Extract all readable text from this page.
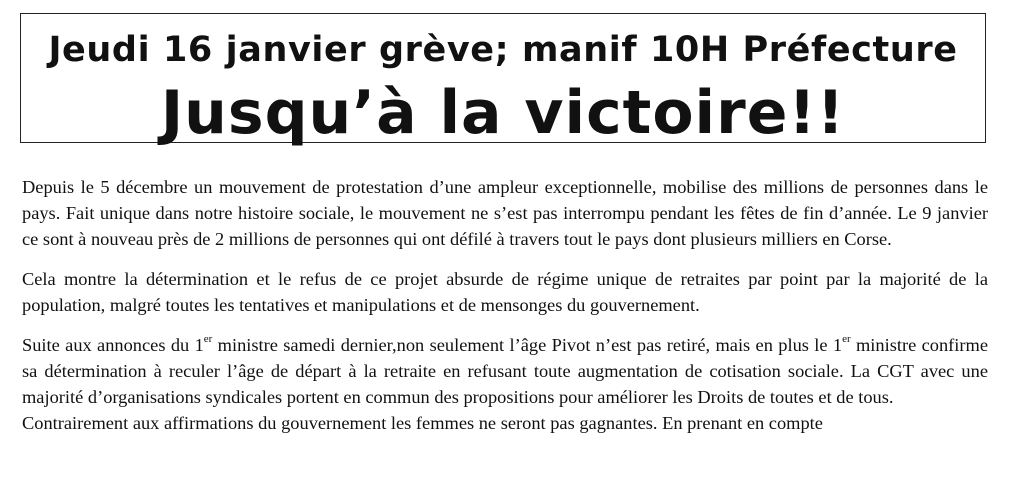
Jeudi 16 janvier grève; manif 10H Préfecture
Jusqu’à la victoire!!

Depuis le 5 décembre un mouvement de protestation d’une ampleur exceptionnelle, mobilise des millions de personnes dans le pays. Fait unique dans notre histoire sociale, le mouvement ne s’est pas interrompu pendant les fêtes de fin d’année. Le 9 janvier ce sont à nouveau près de 2 millions de personnes qui ont défilé à travers tout le pays dont plusieurs milliers en Corse.

Cela montre la détermination et le refus de ce projet absurde de régime unique de retraites par point par la majorité de la population, malgré toutes les tentatives et manipulations et de mensonges du gouvernement.

Suite aux annonces du 1er ministre samedi dernier,non seulement l’âge Pivot n’est pas retiré, mais en plus le 1er ministre confirme sa détermination à reculer l’âge de départ à la retraite en refusant toute augmentation de cotisation sociale. La CGT avec une majorité d’organisations syndicales portent en commun des propositions pour améliorer les Droits de toutes et de tous.

Contrairement aux affirmations du gouvernement les femmes ne seront pas gagnantes. En prenant en compte
